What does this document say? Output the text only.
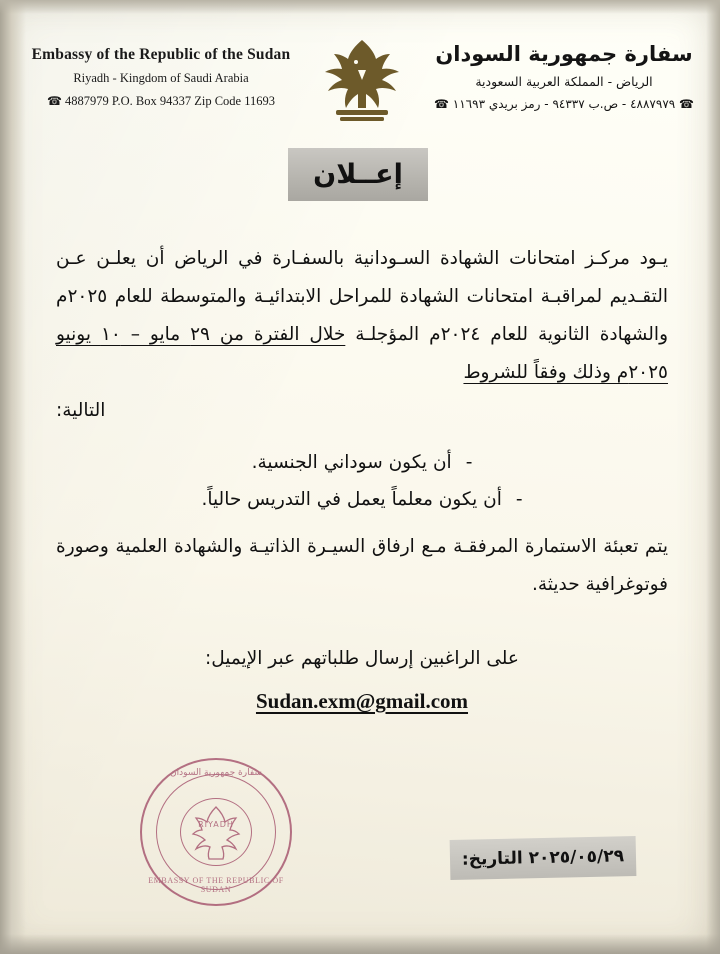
سفارة جمهورية السودان
الرياض - المملكة العربية السعودية
☎ ٤٨٨٧٩٧٩ - ص.ب ٩٤٣٣٧ - رمز بريدي ١١٦٩٣ ☎
Embassy of the Republic of the Sudan
Riyadh - Kingdom of Saudi Arabia
☎ 4887979 P.O. Box 94337 Zip Code 11693
إعــلان

يـود مركـز امتحانات الشهادة السـودانية بالسفـارة في الرياض أن يعلـن عـن التقـديم لمراقبـة امتحانات الشهادة للمراحل الابتدائيـة والمتوسطة للعام ٢٠٢٥م والشهادة الثانوية للعام ٢٠٢٤م المؤجلـة خلال الفترة من ٢٩ مايو – ١٠ يونيو ٢٠٢٥م وذلك وفقاً للشروط

التالية:

-
أن يكون سوداني الجنسية.
-
أن يكون معلماً يعمل في التدريس حالياً.

يتم تعبئة الاستمارة المرفقـة مـع ارفاق السيـرة الذاتيـة والشهادة العلمية وصورة فوتوغرافية حديثة.

على الراغبين إرسال طلباتهم عبر الإيميل:
Sudan.exm@gmail.com
سفارة جمهورية السودان
RIYADH
EMBASSY OF THE REPUBLIC OF SUDAN
٢٠٢٥/٠٥/٢٩ التاريخ:
